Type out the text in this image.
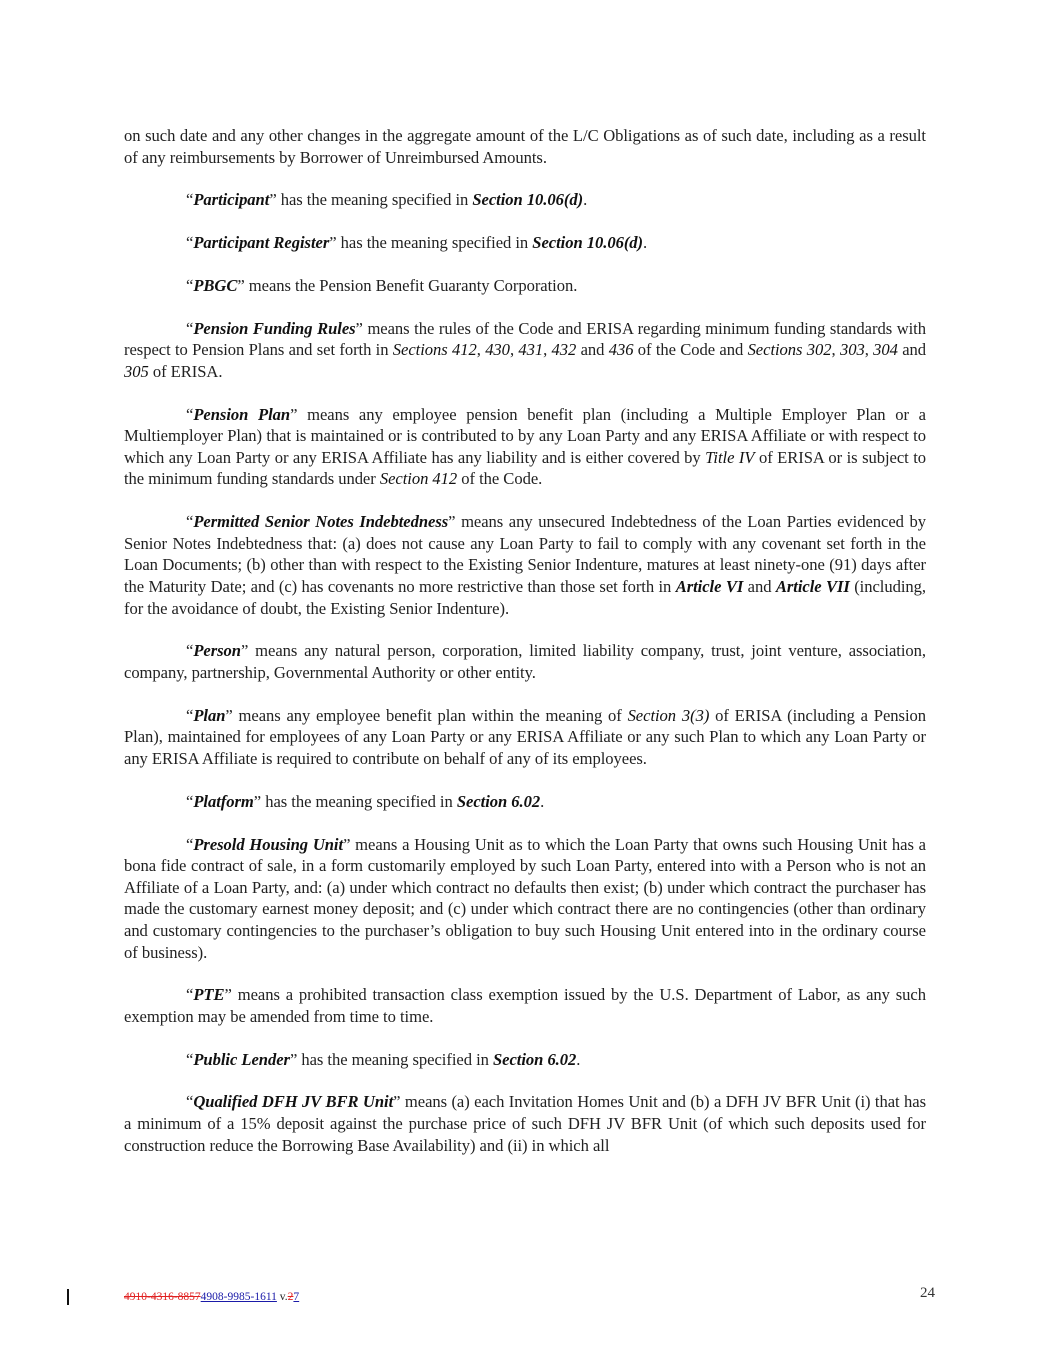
on such date and any other changes in the aggregate amount of the L/C Obligations as of such date, including as a result of any reimbursements by Borrower of Unreimbursed Amounts.

“Participant” has the meaning specified in Section 10.06(d).

“Participant Register” has the meaning specified in Section 10.06(d).

“PBGC” means the Pension Benefit Guaranty Corporation.

“Pension Funding Rules” means the rules of the Code and ERISA regarding minimum funding standards with respect to Pension Plans and set forth in Sections 412, 430, 431, 432 and 436 of the Code and Sections 302, 303, 304 and 305 of ERISA.

“Pension Plan” means any employee pension benefit plan (including a Multiple Employer Plan or a Multiemployer Plan) that is maintained or is contributed to by any Loan Party and any ERISA Affiliate or with respect to which any Loan Party or any ERISA Affiliate has any liability and is either covered by Title IV of ERISA or is subject to the minimum funding standards under Section 412 of the Code.

“Permitted Senior Notes Indebtedness” means any unsecured Indebtedness of the Loan Parties evidenced by Senior Notes Indebtedness that: (a) does not cause any Loan Party to fail to comply with any covenant set forth in the Loan Documents; (b) other than with respect to the Existing Senior Indenture, matures at least ninety-one (91) days after the Maturity Date; and (c) has covenants no more restrictive than those set forth in Article VI and Article VII (including, for the avoidance of doubt, the Existing Senior Indenture).

“Person” means any natural person, corporation, limited liability company, trust, joint venture, association, company, partnership, Governmental Authority or other entity.

“Plan” means any employee benefit plan within the meaning of Section 3(3) of ERISA (including a Pension Plan), maintained for employees of any Loan Party or any ERISA Affiliate or any such Plan to which any Loan Party or any ERISA Affiliate is required to contribute on behalf of any of its employees.

“Platform” has the meaning specified in Section 6.02.

“Presold Housing Unit” means a Housing Unit as to which the Loan Party that owns such Housing Unit has a bona fide contract of sale, in a form customarily employed by such Loan Party, entered into with a Person who is not an Affiliate of a Loan Party, and: (a) under which contract no defaults then exist; (b) under which contract the purchaser has made the customary earnest money deposit; and (c) under which contract there are no contingencies (other than ordinary and customary contingencies to the purchaser’s obligation to buy such Housing Unit entered into in the ordinary course of business).

“PTE” means a prohibited transaction class exemption issued by the U.S. Department of Labor, as any such exemption may be amended from time to time.

“Public Lender” has the meaning specified in Section 6.02.

“Qualified DFH JV BFR Unit” means (a) each Invitation Homes Unit and (b) a DFH JV BFR Unit (i) that has a minimum of a 15% deposit against the purchase price of such DFH JV BFR Unit (of which such deposits used for construction reduce the Borrowing Base Availability) and (ii) in which all

4910-4316-88574908-9985-1611 v.27	24
